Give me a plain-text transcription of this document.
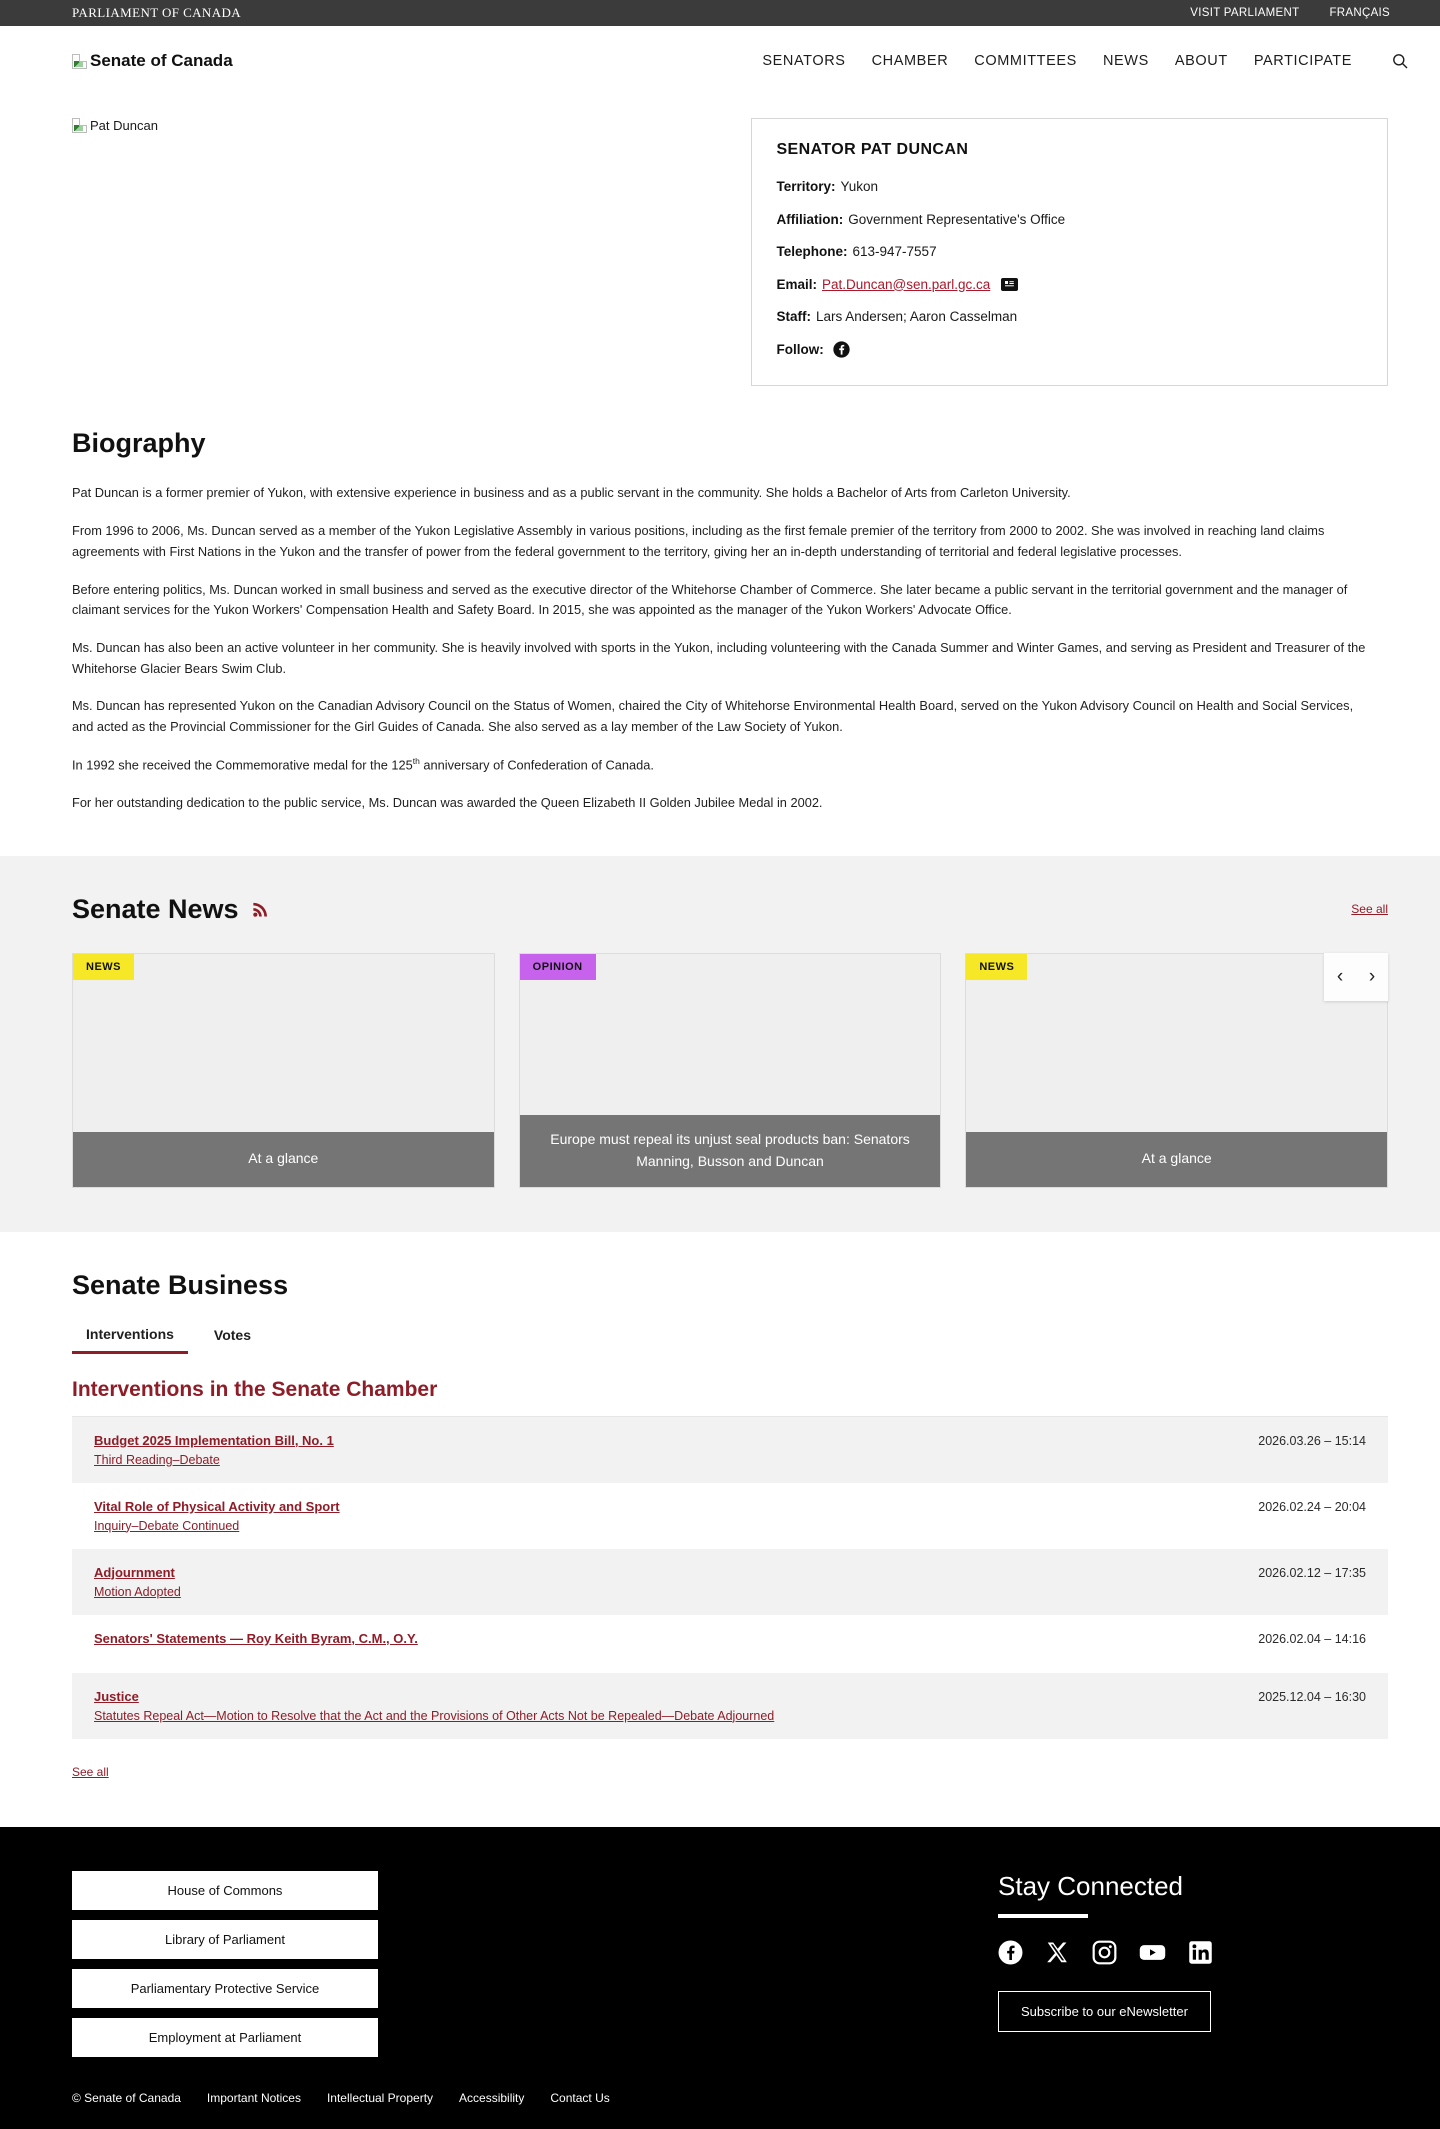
PARLIAMENT OF CANADA	VISIT PARLIAMENT	FRANÇAIS
Senate of Canada	SENATORS CHAMBER COMMITTEES NEWS ABOUT PARTICIPATE
Pat Duncan
SENATOR PAT DUNCAN
Territory: Yukon
Affiliation: Government Representative's Office
Telephone: 613-947-7557
Email: Pat.Duncan@sen.parl.gc.ca
Staff: Lars Andersen; Aaron Casselman
Follow:
Biography

Pat Duncan is a former premier of Yukon, with extensive experience in business and as a public servant in the community. She holds a Bachelor of Arts from Carleton University.

From 1996 to 2006, Ms. Duncan served as a member of the Yukon Legislative Assembly in various positions, including as the first female premier of the territory from 2000 to 2002. She was involved in reaching land claims agreements with First Nations in the Yukon and the transfer of power from the federal government to the territory, giving her an in-depth understanding of territorial and federal legislative processes.

Before entering politics, Ms. Duncan worked in small business and served as the executive director of the Whitehorse Chamber of Commerce. She later became a public servant in the territorial government and the manager of claimant services for the Yukon Workers' Compensation Health and Safety Board. In 2015, she was appointed as the manager of the Yukon Workers' Advocate Office.

Ms. Duncan has also been an active volunteer in her community. She is heavily involved with sports in the Yukon, including volunteering with the Canada Summer and Winter Games, and serving as President and Treasurer of the Whitehorse Glacier Bears Swim Club.

Ms. Duncan has represented Yukon on the Canadian Advisory Council on the Status of Women, chaired the City of Whitehorse Environmental Health Board, served on the Yukon Advisory Council on Health and Social Services, and acted as the Provincial Commissioner for the Girl Guides of Canada. She also served as a lay member of the Law Society of Yukon.

In 1992 she received the Commemorative medal for the 125th anniversary of Confederation of Canada.

For her outstanding dedication to the public service, Ms. Duncan was awarded the Queen Elizabeth II Golden Jubilee Medal in 2002.

Senate News	See all
NEWS
At a glance
OPINION
Europe must repeal its unjust seal products ban: Senators Manning, Busson and Duncan
NEWS
At a glance
‹	›
Senate Business
Interventions	Votes
Interventions in the Senate Chamber
Budget 2025 Implementation Bill, No. 1
Third Reading–Debate
2026.03.26 – 15:14
Vital Role of Physical Activity and Sport
Inquiry–Debate Continued
2026.02.24 – 20:04
Adjournment
Motion Adopted
2026.02.12 – 17:35
Senators' Statements — Roy Keith Byram, C.M., O.Y.	2026.02.04 – 14:16
Justice
Statutes Repeal Act—Motion to Resolve that the Act and the Provisions of Other Acts Not be Repealed—Debate Adjourned
2025.12.04 – 16:30
See all
House of Commons
Library of Parliament
Parliamentary Protective Service
Employment at Parliament
Stay Connected
Subscribe to our eNewsletter
© Senate of Canada Important Notices Intellectual Property Accessibility Contact Us
